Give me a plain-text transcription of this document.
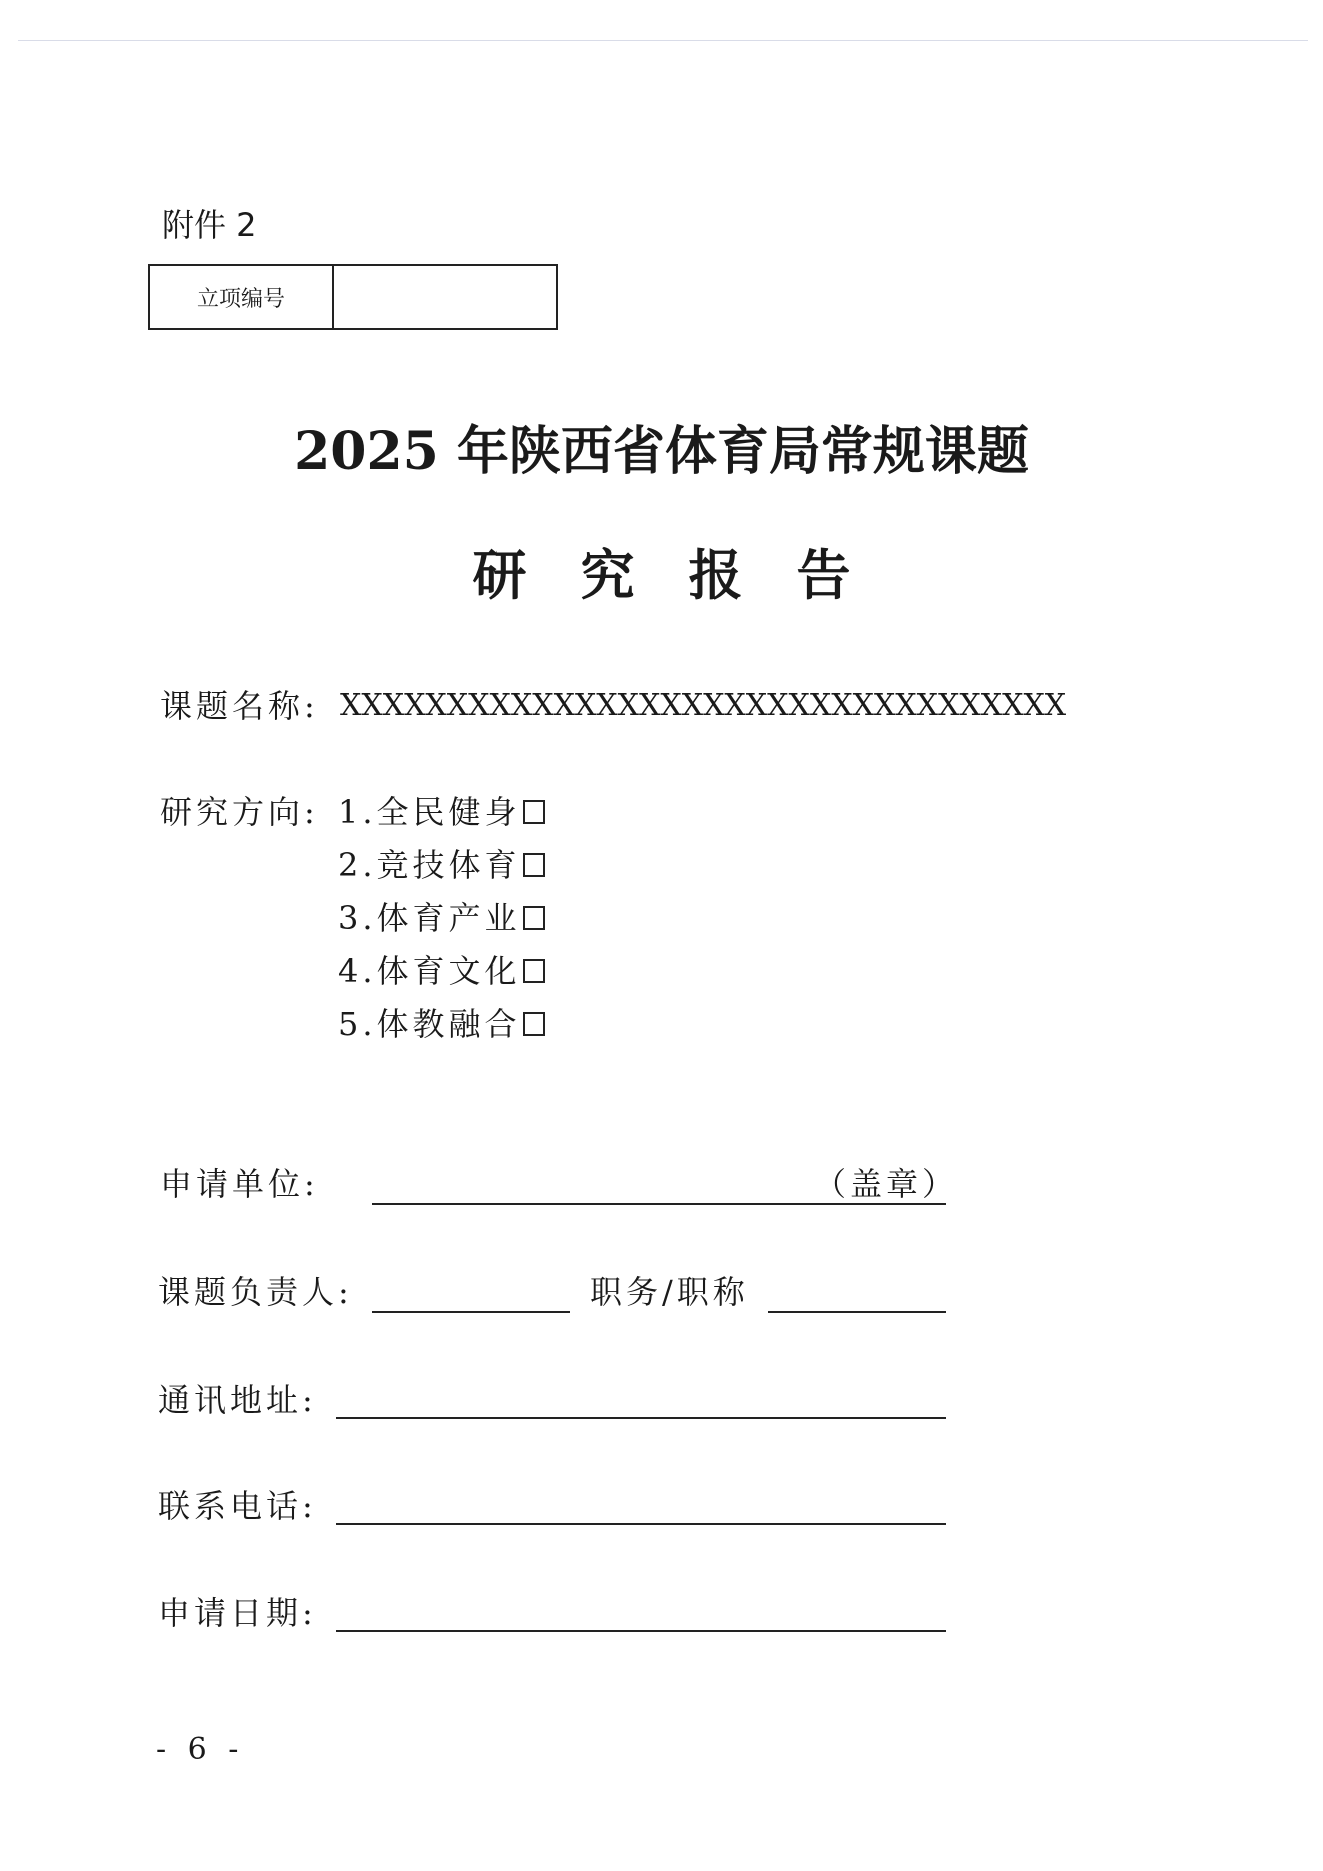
附件 2
立项编号
2025 年陕西省体育局常规课题
研究报告
课题名称: XXXXXXXXXXXXXXXXXXXXXXXXXXXXXXXXXX
研究方向: 1.全民健身
2.竞技体育
3.体育产业
4.体育文化
5.体教融合
申请单位:	（盖章）
课题负责人:	职务/职称
通讯地址:
联系电话:
申请日期:
- 6 -
